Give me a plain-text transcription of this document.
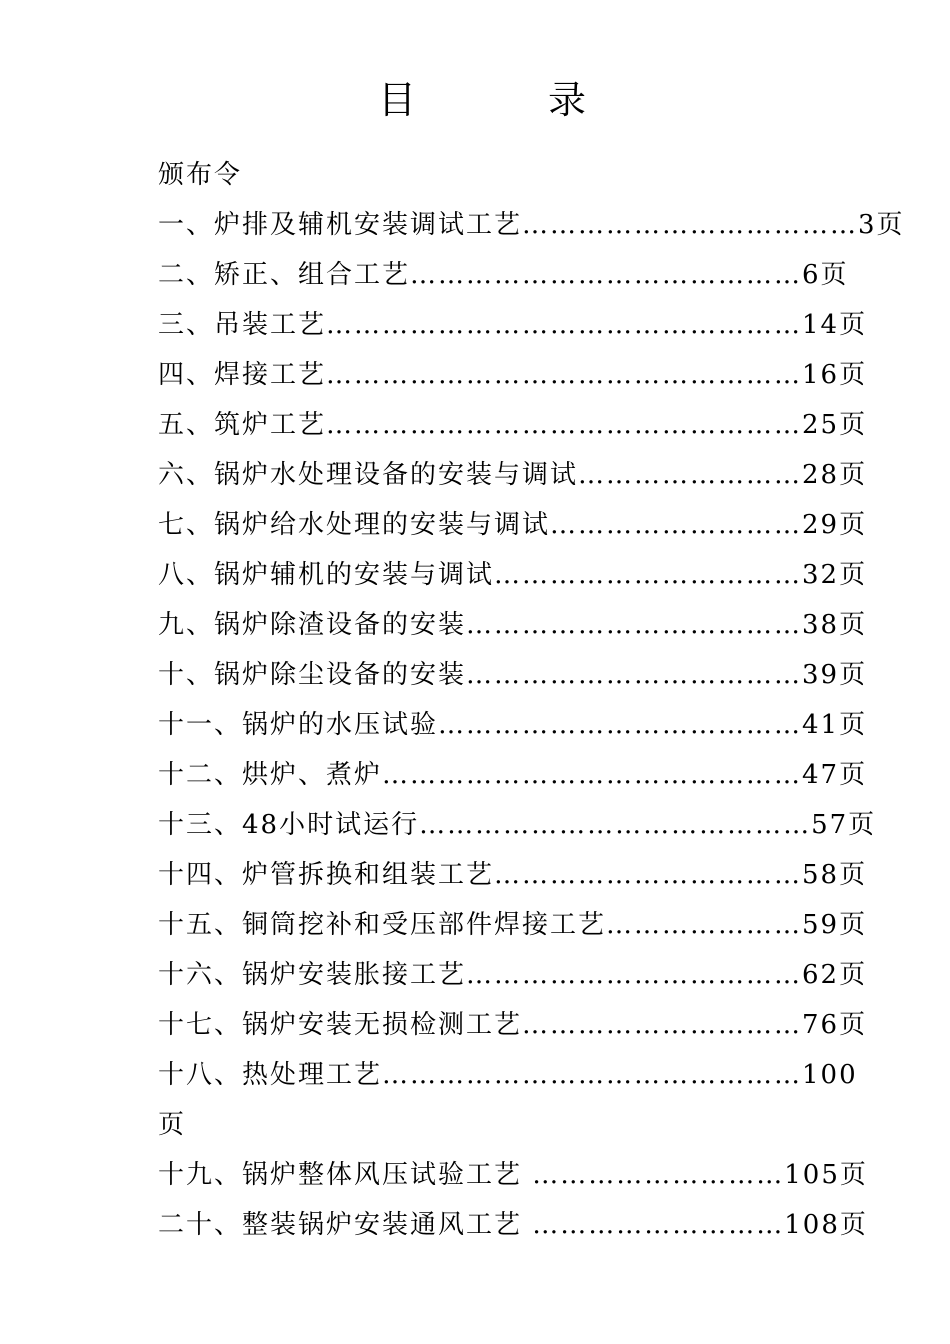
目 录
颁布令
一、炉排及辅机安装调试工艺………………………………3页
二、矫正、组合工艺……………………………………6页
三、吊装工艺……………………………………………14页
四、焊接工艺……………………………………………16页
五、筑炉工艺……………………………………………25页
六、锅炉水处理设备的安装与调试……………………28页
七、锅炉给水处理的安装与调试………………………29页
八、锅炉辅机的安装与调试……………………………32页
九、锅炉除渣设备的安装………………………………38页
十、锅炉除尘设备的安装………………………………39页
十一、锅炉的水压试验…………………………………41页
十二、烘炉、煮炉………………………………………47页
十三、48小时试运行……………………………………57页
十四、炉管拆换和组装工艺……………………………58页
十五、铜筒挖补和受压部件焊接工艺…………………59页
十六、锅炉安装胀接工艺………………………………62页
十七、锅炉安装无损检测工艺…………………………76页
十八、热处理工艺………………………………………100
页
十九、锅炉整体风压试验工艺 ………………………105页
二十、整装锅炉安装通风工艺 ………………………108页
